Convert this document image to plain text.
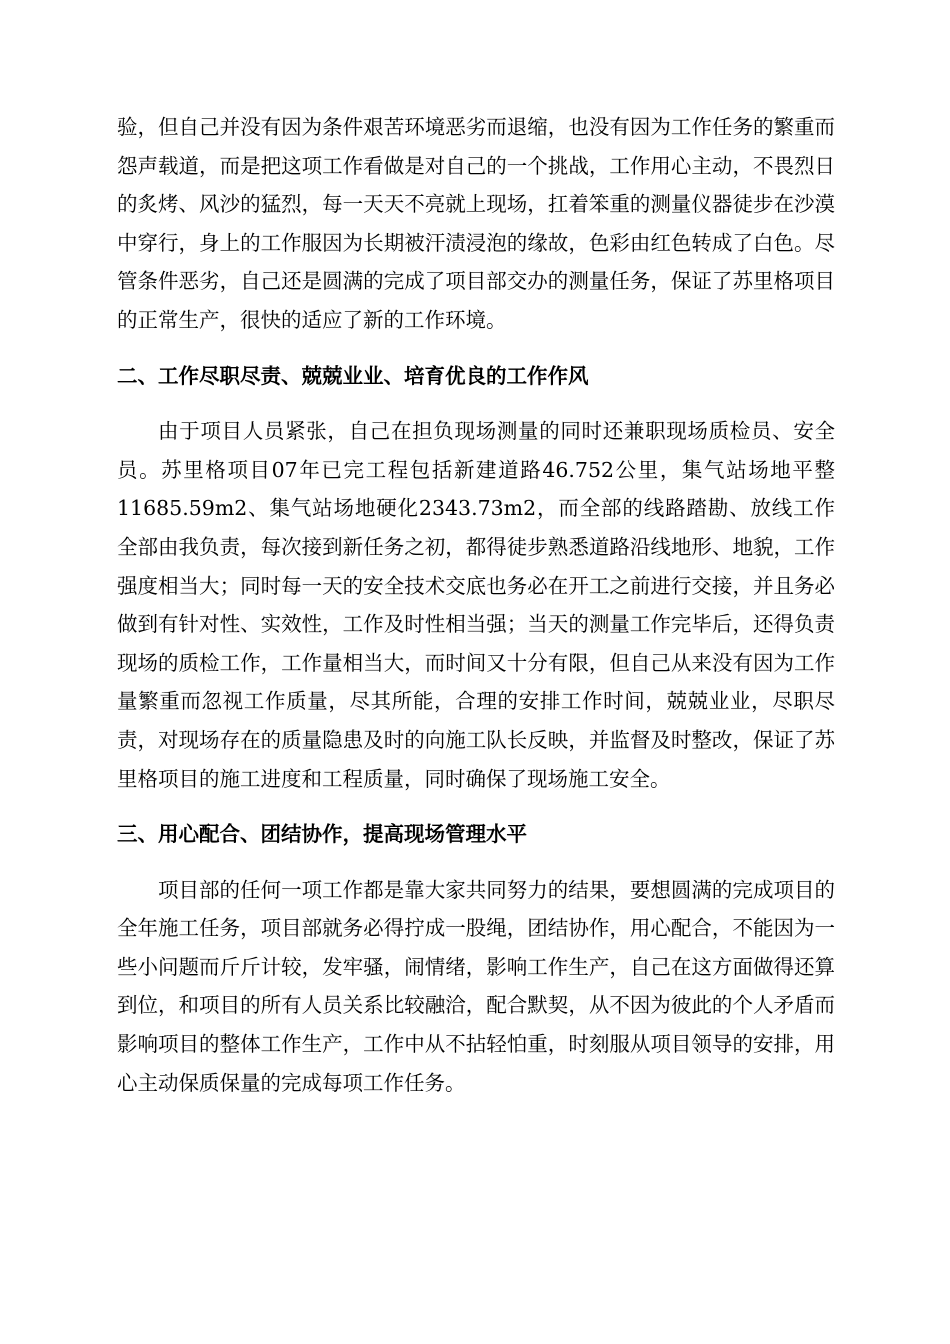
验，但自己并没有因为条件艰苦环境恶劣而退缩，也没有因为工作任务的繁重而怨声载道，而是把这项工作看做是对自己的一个挑战，工作用心主动，不畏烈日的炙烤、风沙的猛烈，每一天天不亮就上现场，扛着笨重的测量仪器徒步在沙漠中穿行，身上的工作服因为长期被汗渍浸泡的缘故，色彩由红色转成了白色。尽管条件恶劣，自己还是圆满的完成了项目部交办的测量任务，保证了苏里格项目的正常生产，很快的适应了新的工作环境。

二、工作尽职尽责、兢兢业业、培育优良的工作作风

由于项目人员紧张，自己在担负现场测量的同时还兼职现场质检员、安全员。苏里格项目07年已完工程包括新建道路46.752公里，集气站场地平整11685.59m2、集气站场地硬化2343.73m2，而全部的线路踏勘、放线工作全部由我负责，每次接到新任务之初，都得徒步熟悉道路沿线地形、地貌，工作强度相当大；同时每一天的安全技术交底也务必在开工之前进行交接，并且务必做到有针对性、实效性，工作及时性相当强；当天的测量工作完毕后，还得负责现场的质检工作，工作量相当大，而时间又十分有限，但自己从来没有因为工作量繁重而忽视工作质量，尽其所能，合理的安排工作时间，兢兢业业，尽职尽责，对现场存在的质量隐患及时的向施工队长反映，并监督及时整改，保证了苏里格项目的施工进度和工程质量，同时确保了现场施工安全。

三、用心配合、团结协作，提高现场管理水平

项目部的任何一项工作都是靠大家共同努力的结果，要想圆满的完成项目的全年施工任务，项目部就务必得拧成一股绳，团结协作，用心配合，不能因为一些小问题而斤斤计较，发牢骚，闹情绪，影响工作生产，自己在这方面做得还算到位，和项目的所有人员关系比较融洽，配合默契，从不因为彼此的个人矛盾而影响项目的整体工作生产，工作中从不拈轻怕重，时刻服从项目领导的安排，用心主动保质保量的完成每项工作任务。
